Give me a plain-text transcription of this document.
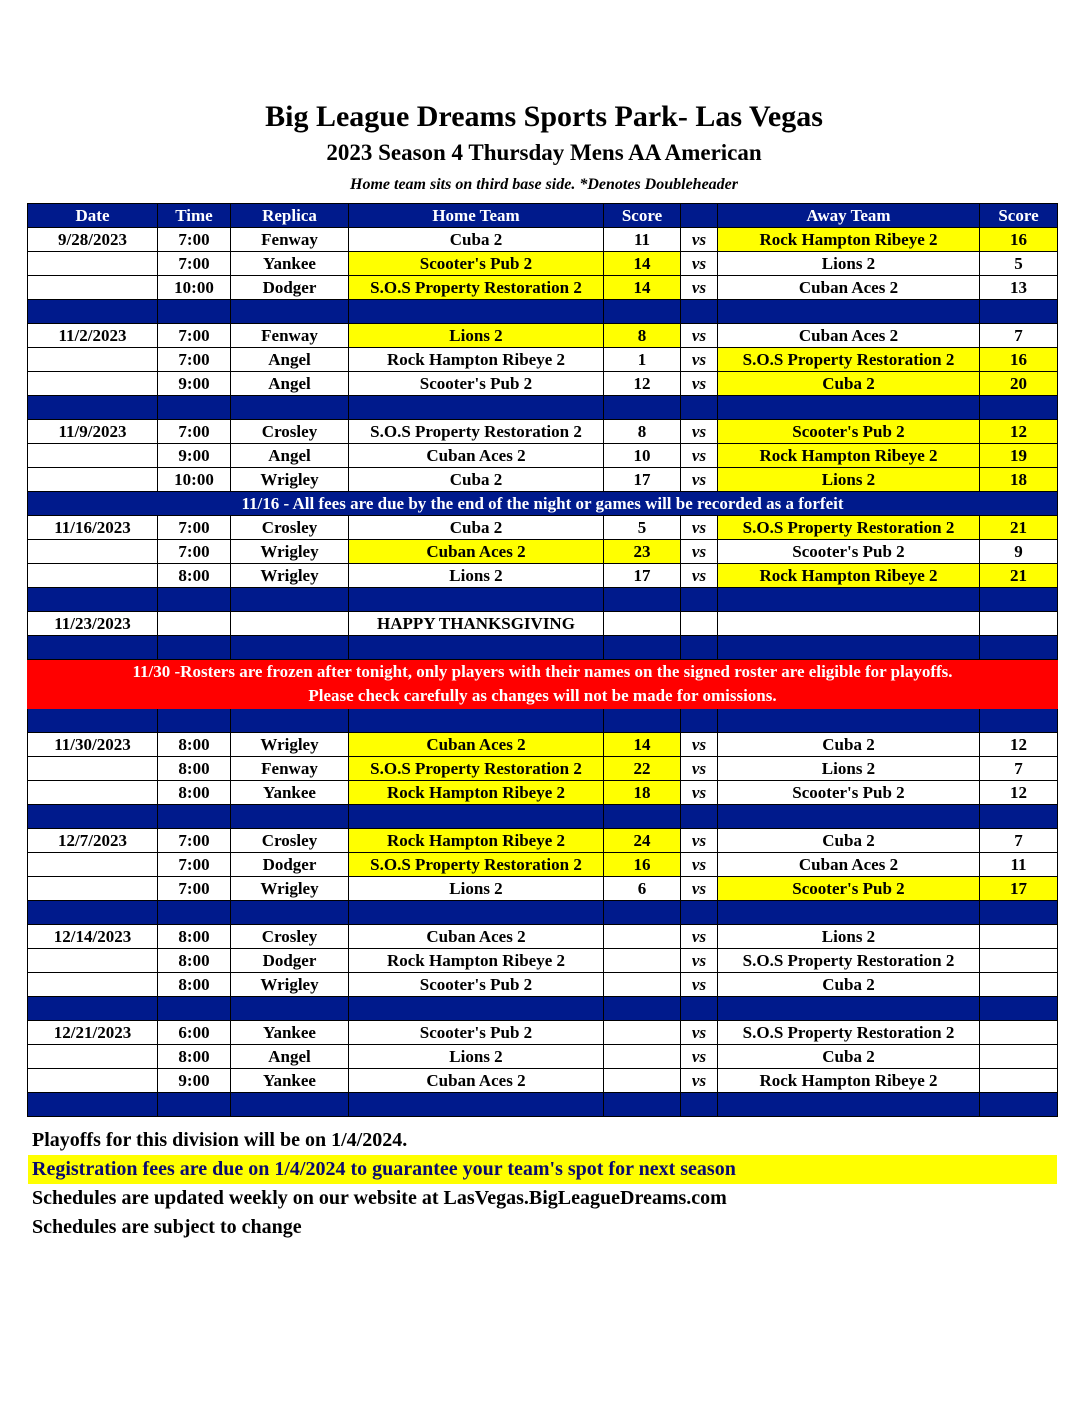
Big League Dreams Sports Park- Las Vegas
2023 Season 4 Thursday Mens AA American
Home team sits on third base side. *Denotes Doubleheader
Date	Time	Replica	Home Team	Score		Away Team	Score
9/28/2023	7:00	Fenway	Cuba 2	11	vs	Rock Hampton Ribeye 2	16
	7:00	Yankee	Scooter's Pub 2	14	vs	Lions 2	5
	10:00	Dodger	S.O.S Property Restoration 2	14	vs	Cuban Aces 2	13

11/2/2023	7:00	Fenway	Lions 2	8	vs	Cuban Aces 2	7
	7:00	Angel	Rock Hampton Ribeye 2	1	vs	S.O.S Property Restoration 2	16
	9:00	Angel	Scooter's Pub 2	12	vs	Cuba 2	20

11/9/2023	7:00	Crosley	S.O.S Property Restoration 2	8	vs	Scooter's Pub 2	12
	9:00	Angel	Cuban Aces 2	10	vs	Rock Hampton Ribeye 2	19
	10:00	Wrigley	Cuba 2	17	vs	Lions 2	18
11/16 - All fees are due by the end of the night or games will be recorded as a forfeit							
11/16/2023	7:00	Crosley	Cuba 2	5	vs	S.O.S Property Restoration 2	21
	7:00	Wrigley	Cuban Aces 2	23	vs	Scooter's Pub 2	9
	8:00	Wrigley	Lions 2	17	vs	Rock Hampton Ribeye 2	21

11/23/2023			HAPPY THANKSGIVING				

11/30 -Rosters are frozen after tonight, only players with their names on the signed roster are eligible for playoffs.
Please check carefully as changes will not be made for omissions.							

11/30/2023	8:00	Wrigley	Cuban Aces 2	14	vs	Cuba 2	12
	8:00	Fenway	S.O.S Property Restoration 2	22	vs	Lions 2	7
	8:00	Yankee	Rock Hampton Ribeye 2	18	vs	Scooter's Pub 2	12

12/7/2023	7:00	Crosley	Rock Hampton Ribeye 2	24	vs	Cuba 2	7
	7:00	Dodger	S.O.S Property Restoration 2	16	vs	Cuban Aces 2	11
	7:00	Wrigley	Lions 2	6	vs	Scooter's Pub 2	17

12/14/2023	8:00	Crosley	Cuban Aces 2		vs	Lions 2	
	8:00	Dodger	Rock Hampton Ribeye 2		vs	S.O.S Property Restoration 2	
	8:00	Wrigley	Scooter's Pub 2		vs	Cuba 2	

12/21/2023	6:00	Yankee	Scooter's Pub 2		vs	S.O.S Property Restoration 2	
	8:00	Angel	Lions 2		vs	Cuba 2	
	9:00	Yankee	Cuban Aces 2		vs	Rock Hampton Ribeye 2	

Playoffs for this division will be on 1/4/2024.
Registration fees are due on 1/4/2024 to guarantee your team's spot for next season
Schedules are updated weekly on our website at LasVegas.BigLeagueDreams.com
Schedules are subject to change
